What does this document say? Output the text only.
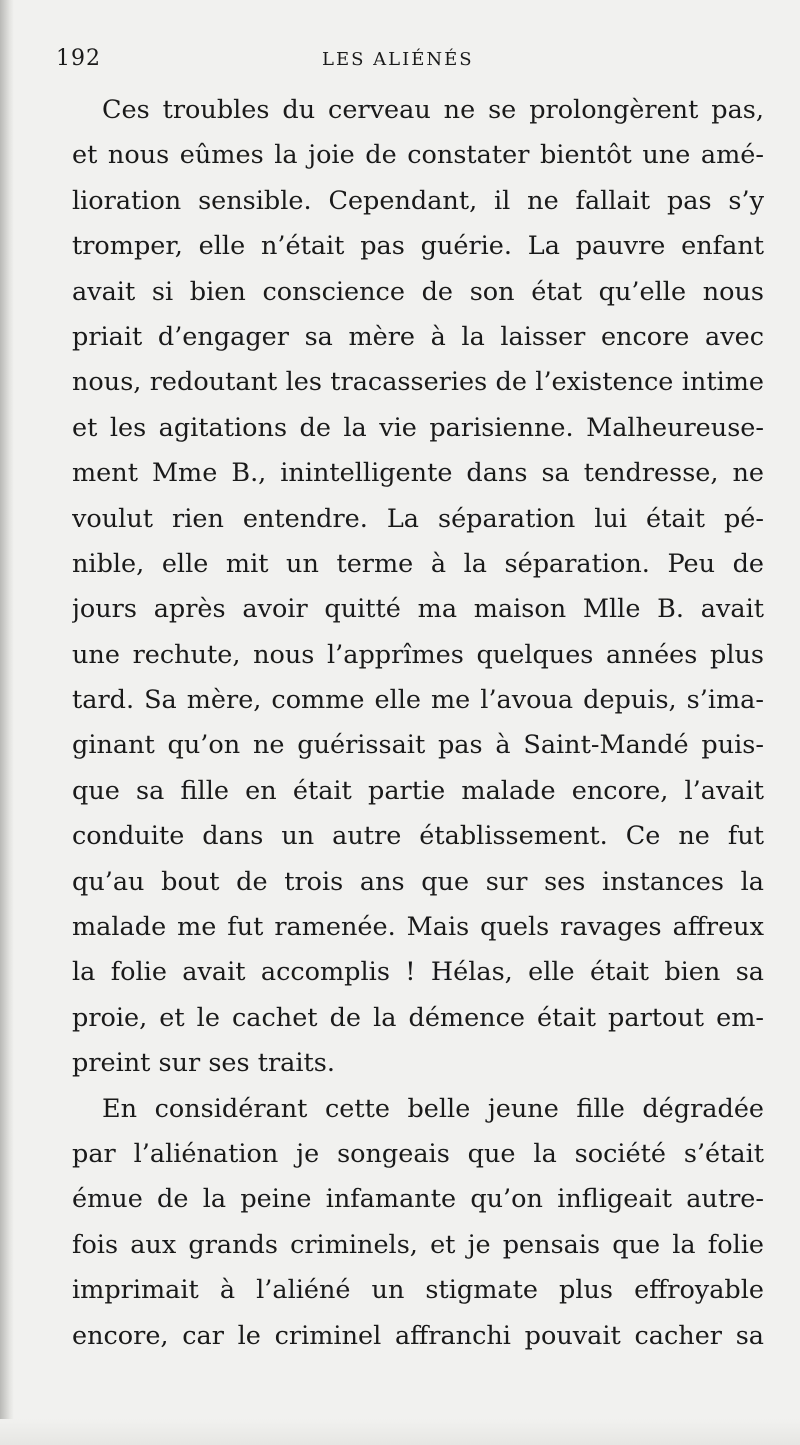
192	LES ALIÉNÉS
Ces troubles du cerveau ne se prolongèrent pas,
et nous eûmes la joie de constater bientôt une amé-
lioration sensible. Cependant, il ne fallait pas s’y
tromper, elle n’était pas guérie. La pauvre enfant
avait si bien conscience de son état qu’elle nous
priait d’engager sa mère à la laisser encore avec
nous, redoutant les tracasseries de l’existence intime
et les agitations de la vie parisienne. Malheureuse-
ment Mme B., inintelligente dans sa tendresse, ne
voulut rien entendre. La séparation lui était pé-
nible, elle mit un terme à la séparation. Peu de
jours après avoir quitté ma maison Mlle B. avait
une rechute, nous l’apprîmes quelques années plus
tard. Sa mère, comme elle me l’avoua depuis, s’ima-
ginant qu’on ne guérissait pas à Saint-Mandé puis-
que sa fille en était partie malade encore, l’avait
conduite dans un autre établissement. Ce ne fut
qu’au bout de trois ans que sur ses instances la
malade me fut ramenée. Mais quels ravages affreux
la folie avait accomplis ! Hélas, elle était bien sa
proie, et le cachet de la démence était partout em-
preint sur ses traits.
En considérant cette belle jeune fille dégradée
par l’aliénation je songeais que la société s’était
émue de la peine infamante qu’on infligeait autre-
fois aux grands criminels, et je pensais que la folie
imprimait à l’aliéné un stigmate plus effroyable
encore, car le criminel affranchi pouvait cacher sa
